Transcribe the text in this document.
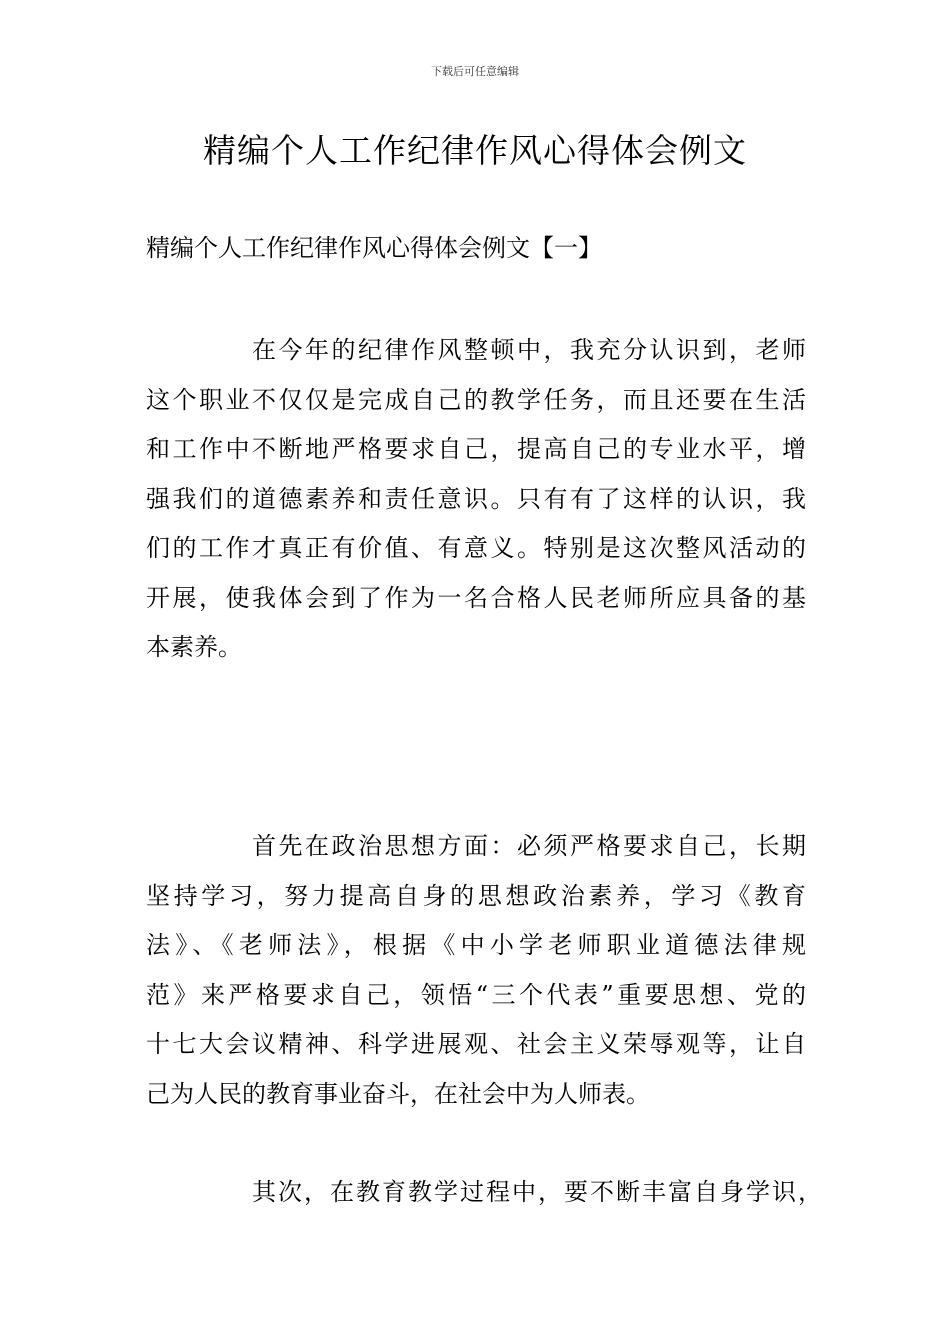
下载后可任意编辑
精编个人工作纪律作风心得体会例文
精编个人工作纪律作风心得体会例文【一】
在今年的纪律作风整顿中，我充分认识到，老师
这个职业不仅仅是完成自己的教学任务，而且还要在生活
和工作中不断地严格要求自己，提高自己的专业水平，增
强我们的道德素养和责任意识。只有有了这样的认识，我
们的工作才真正有价值、有意义。特别是这次整风活动的
开展，使我体会到了作为一名合格人民老师所应具备的基
本素养。
首先在政治思想方面：必须严格要求自己，长期
坚持学习，努力提高自身的思想政治素养，学习《教育
法》、《老师法》，根据《中小学老师职业道德法律规
范》来严格要求自己，领悟“三个代表”重要思想、党的
十七大会议精神、科学进展观、社会主义荣辱观等，让自
己为人民的教育事业奋斗，在社会中为人师表。
其次，在教育教学过程中，要不断丰富自身学识，
